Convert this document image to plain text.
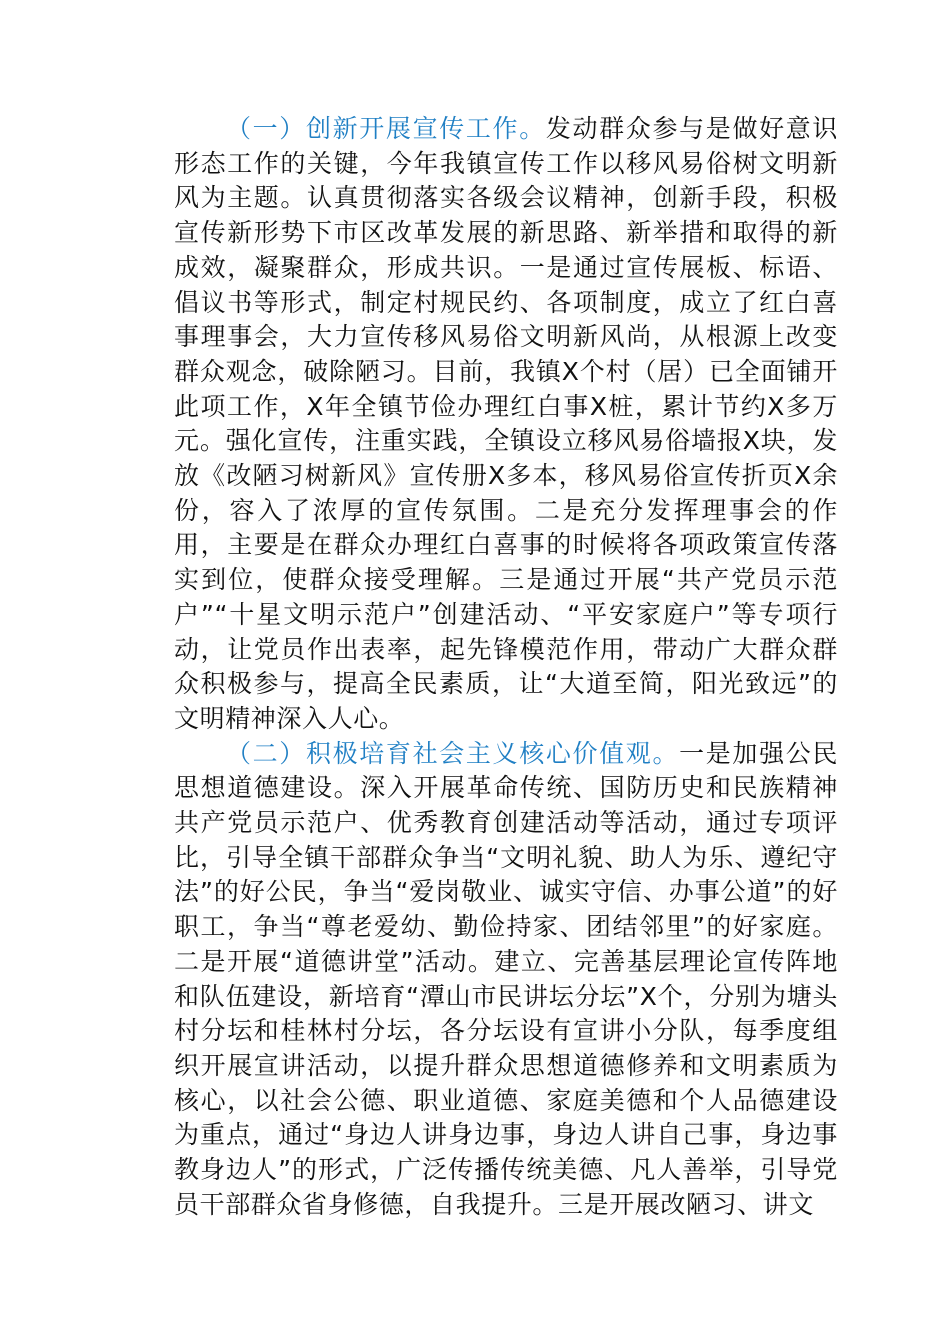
（一）创新开展宣传工作。发动群众参与是做好意识形态工作的关键，今年我镇宣传工作以移风易俗树文明新风为主题。认真贯彻落实各级会议精神，创新手段，积极宣传新形势下市区改革发展的新思路、新举措和取得的新成效，凝聚群众，形成共识。一是通过宣传展板、标语、倡议书等形式，制定村规民约、各项制度，成立了红白喜事理事会，大力宣传移风易俗文明新风尚，从根源上改变群众观念，破除陋习。目前，我镇X个村（居）已全面铺开此项工作，X年全镇节俭办理红白事X桩，累计节约X多万元。强化宣传，注重实践，全镇设立移风易俗墙报X块，发放《改陋习树新风》宣传册X多本，移风易俗宣传折页X余份，容入了浓厚的宣传氛围。二是充分发挥理事会的作用，主要是在群众办理红白喜事的时候将各项政策宣传落实到位，使群众接受理解。三是通过开展“共产党员示范户”“十星文明示范户”创建活动、“平安家庭户”等专项行动，让党员作出表率，起先锋模范作用，带动广大群众群众积极参与，提高全民素质，让“大道至简，阳光致远”的文明精神深入人心。

（二）积极培育社会主义核心价值观。一是加强公民思想道德建设。深入开展革命传统、国防历史和民族精神共产党员示范户、优秀教育创建活动等活动，通过专项评比，引导全镇干部群众争当“文明礼貌、助人为乐、遵纪守法”的好公民，争当“爱岗敬业、诚实守信、办事公道”的好职工，争当“尊老爱幼、勤俭持家、团结邻里”的好家庭。二是开展“道德讲堂”活动。建立、完善基层理论宣传阵地和队伍建设，新培育“潭山市民讲坛分坛”X个，分别为塘头村分坛和桂林村分坛，各分坛设有宣讲小分队，每季度组织开展宣讲活动，以提升群众思想道德修养和文明素质为核心，以社会公德、职业道德、家庭美德和个人品德建设为重点，通过“身边人讲身边事，身边人讲自己事，身边事教身边人”的形式，广泛传播传统美德、凡人善举，引导党员干部群众省身修德，自我提升。三是开展改陋习、讲文
